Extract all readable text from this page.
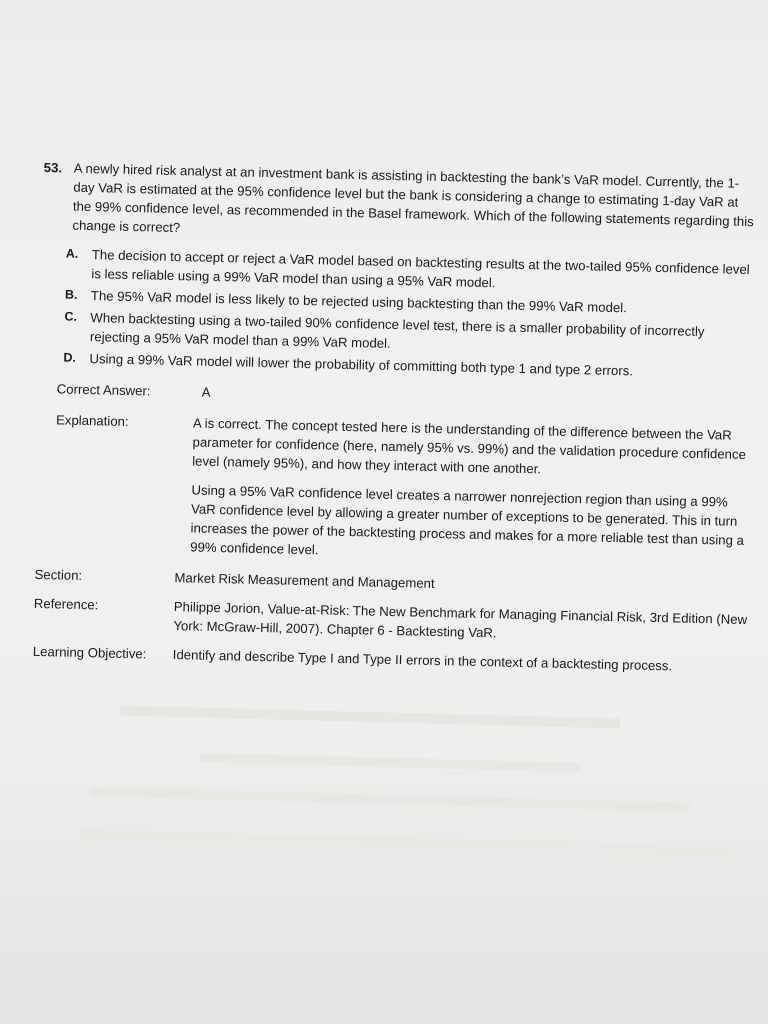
53. A newly hired risk analyst at an investment bank is assisting in backtesting the bank’s VaR model. Currently, the 1-day VaR is estimated at the 95% confidence level but the bank is considering a change to estimating 1-day VaR at the 99% confidence level, as recommended in the Basel framework. Which of the following statements regarding this change is correct?

A. The decision to accept or reject a VaR model based on backtesting results at the two-tailed 95% confidence level is less reliable using a 99% VaR model than using a 95% VaR model.
B. The 95% VaR model is less likely to be rejected using backtesting than the 99% VaR model.
C. When backtesting using a two-tailed 90% confidence level test, there is a smaller probability of incorrectly rejecting a 95% VaR model than a 99% VaR model.
D. Using a 99% VaR model will lower the probability of committing both type 1 and type 2 errors.
Correct Answer:	A
Explanation:	A is correct. The concept tested here is the understanding of the difference between the VaR parameter for confidence (here, namely 95% vs. 99%) and the validation procedure confidence level (namely 95%), and how they interact with one another.

Using a 95% VaR confidence level creates a narrower nonrejection region than using a 99% VaR confidence level by allowing a greater number of exceptions to be generated. This in turn increases the power of the backtesting process and makes for a more reliable test than using a 99% confidence level.

Section:	Market Risk Measurement and Management
Reference:	Philippe Jorion, Value-at-Risk: The New Benchmark for Managing Financial Risk, 3rd Edition (New York: McGraw-Hill, 2007). Chapter 6 - Backtesting VaR.
Learning Objective:	Identify and describe Type I and Type II errors in the context of a backtesting process.
